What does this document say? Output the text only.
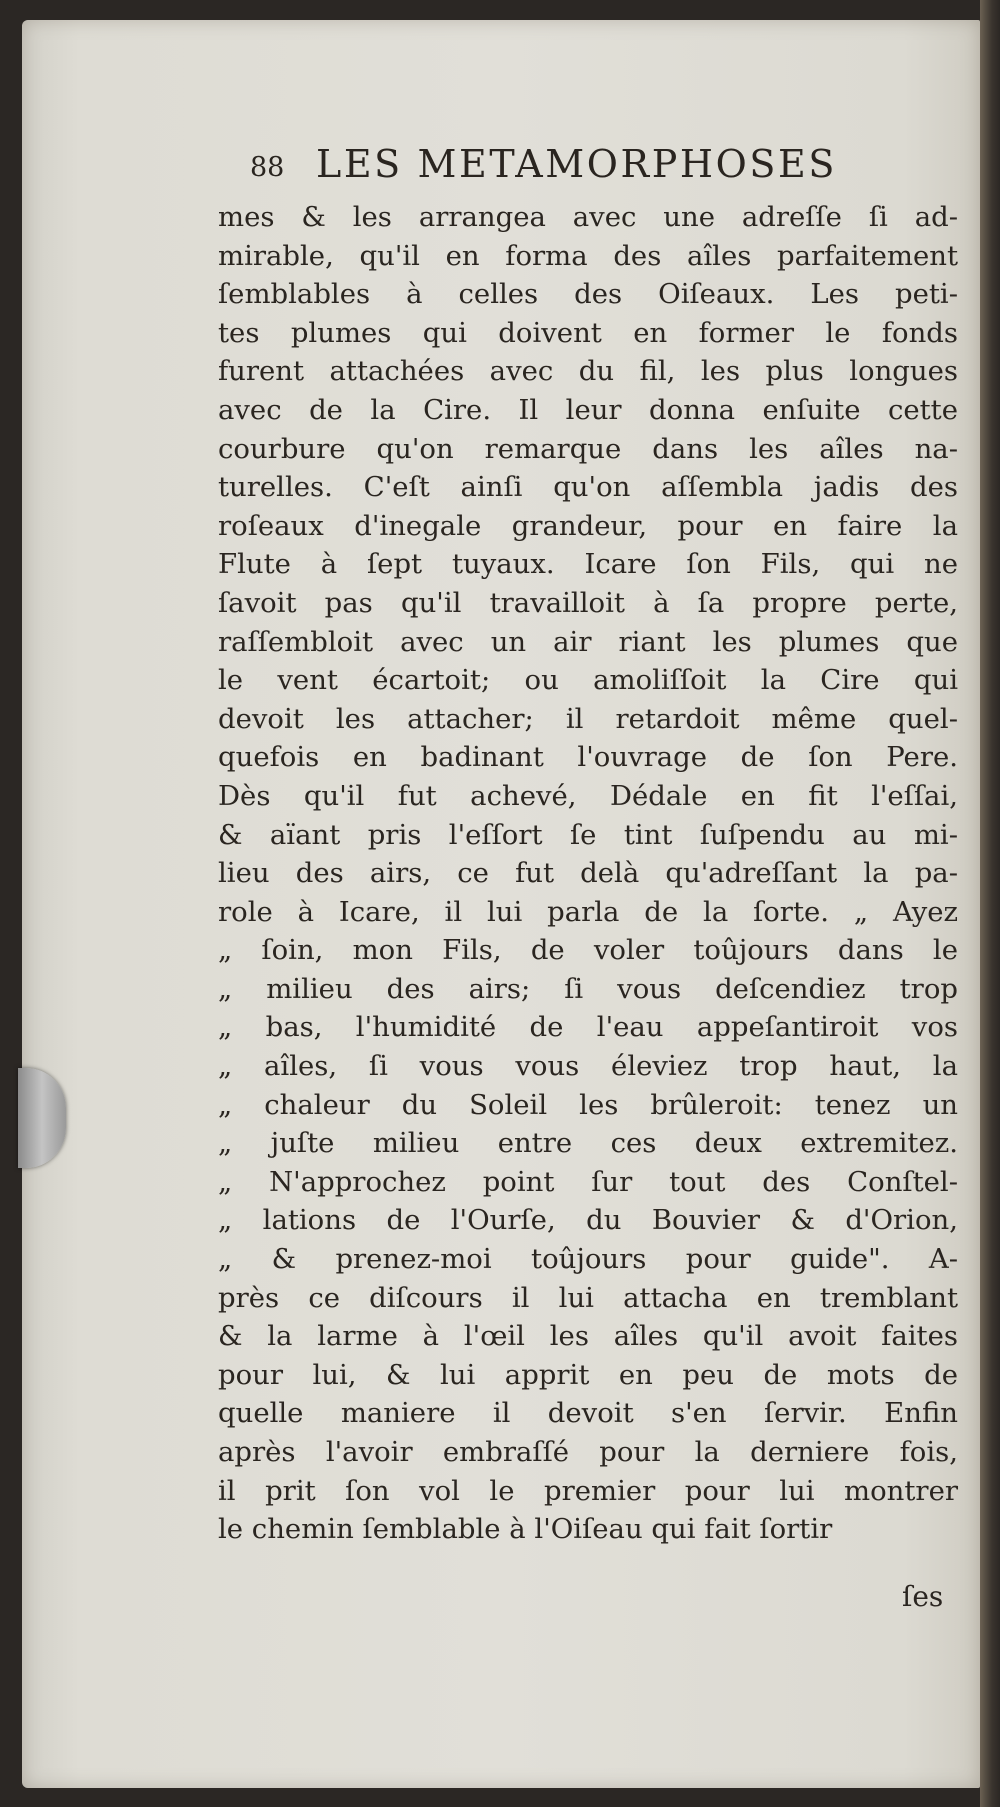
88 LES METAMORPHOSES
mes & les arrangea avec une adreſſe ſi ad-
mirable, qu'il en forma des aîles parfaitement
ſemblables à celles des Oiſeaux. Les peti-
tes plumes qui doivent en former le fonds
furent attachées avec du fil, les plus longues
avec de la Cire. Il leur donna enſuite cette
courbure qu'on remarque dans les aîles na-
turelles. C'eſt ainſi qu'on aſſembla jadis des
roſeaux d'inegale grandeur, pour en faire la
Flute à ſept tuyaux. Icare ſon Fils, qui ne
ſavoit pas qu'il travailloit à ſa propre perte,
raſſembloit avec un air riant les plumes que
le vent écartoit; ou amoliſſoit la Cire qui
devoit les attacher; il retardoit même quel-
quefois en badinant l'ouvrage de ſon Pere.
Dès qu'il fut achevé, Dédale en fit l'eſſai,
& aïant pris l'eſſort ſe tint ſuſpendu au mi-
lieu des airs, ce fut delà qu'adreſſant la pa-
role à Icare, il lui parla de la ſorte. „ Ayez
„ ſoin, mon Fils, de voler toûjours dans le
„ milieu des airs; ſi vous deſcendiez trop
„ bas, l'humidité de l'eau appeſantiroit vos
„ aîles, ſi vous vous éleviez trop haut, la
„ chaleur du Soleil les brûleroit: tenez un
„ juſte milieu entre ces deux extremitez.
„ N'approchez point ſur tout des Conſtel-
„ lations de l'Ourſe, du Bouvier & d'Orion,
„ & prenez-moi toûjours pour guide". A-
près ce diſcours il lui attacha en tremblant
& la larme à l'œil les aîles qu'il avoit faites
pour lui, & lui apprit en peu de mots de
quelle maniere il devoit s'en ſervir. Enfin
après l'avoir embraſſé pour la derniere fois,
il prit ſon vol le premier pour lui montrer
le chemin ſemblable à l'Oiſeau qui fait ſortir
ſes
